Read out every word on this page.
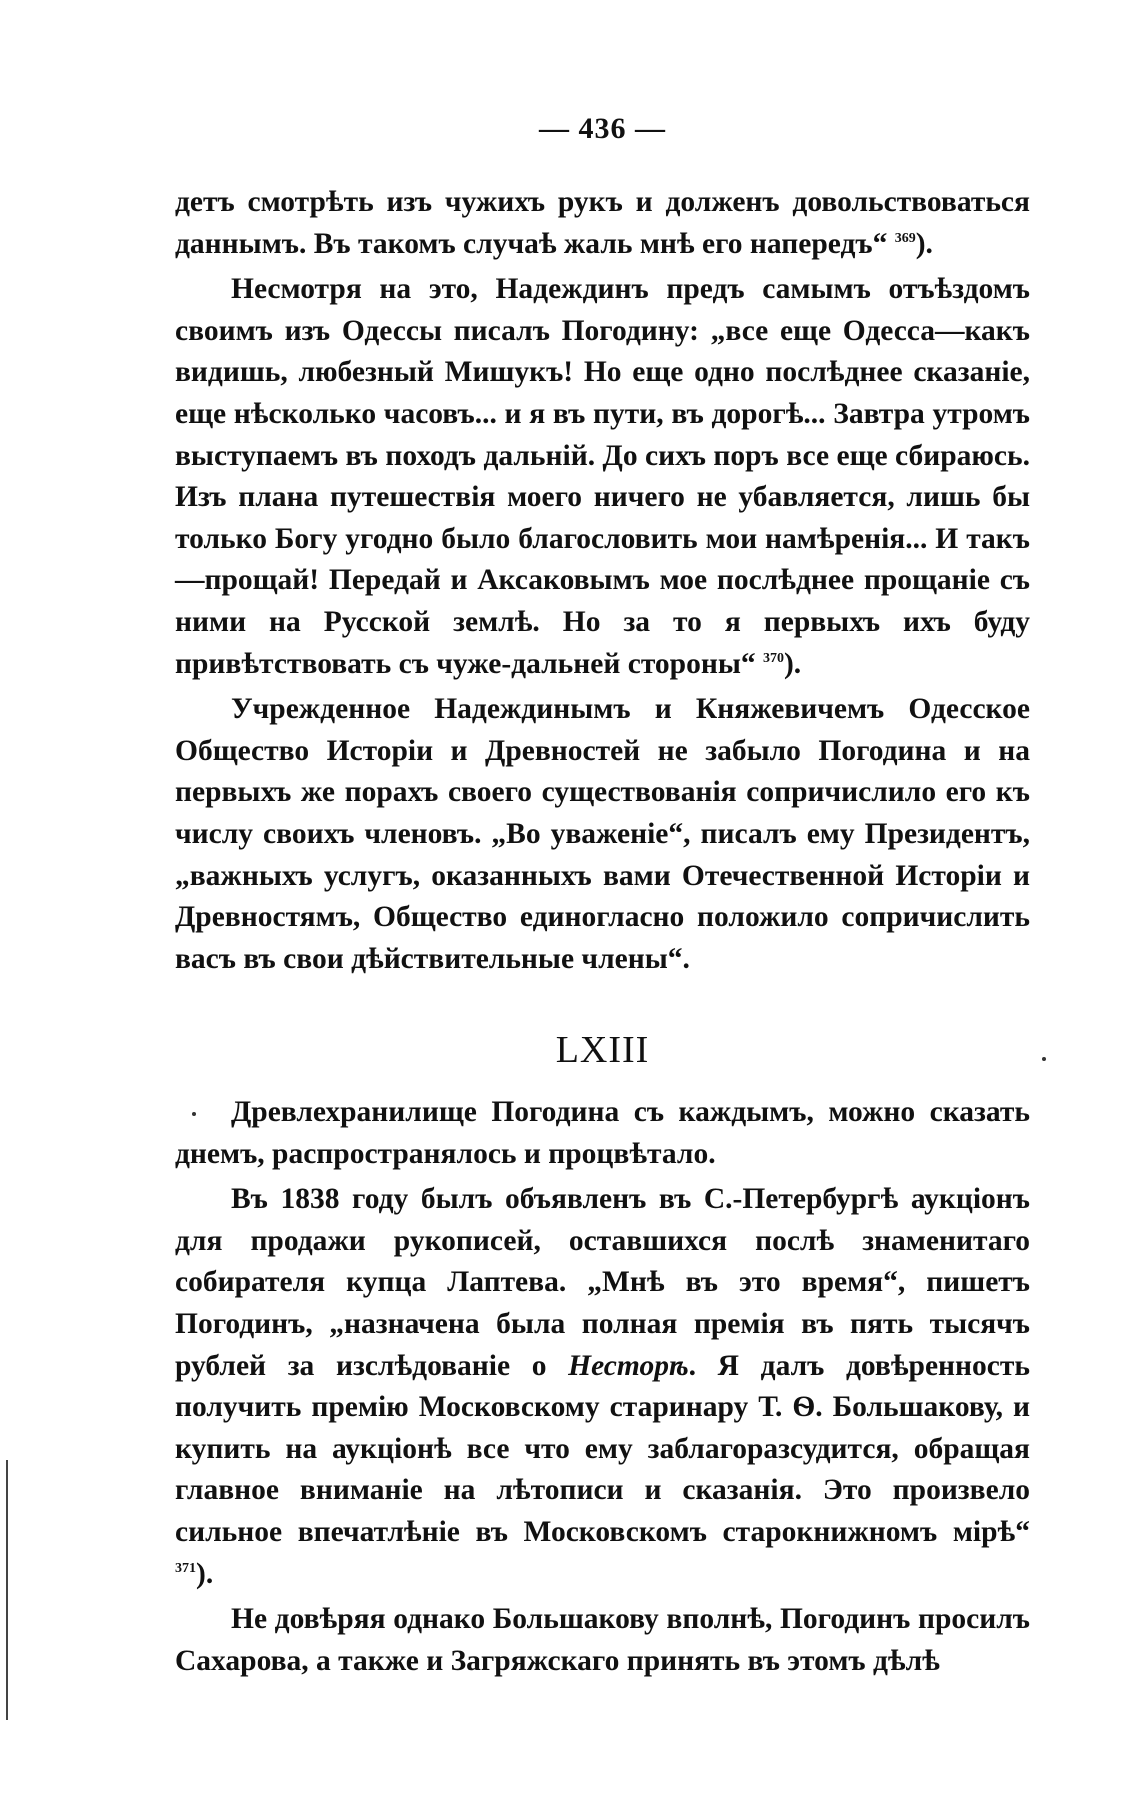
— 436 —

детъ смотрѣть изъ чужихъ рукъ и долженъ довольствоваться даннымъ. Въ такомъ случаѣ жаль мнѣ его напередъ“ $^{369}$).

Несмотря на это, Надеждинъ предъ самымъ отъѣздомъ своимъ изъ Одессы писалъ Погодину: „все еще Одесса—какъ видишь, любезный Мишукъ! Но еще одно послѣднее сказаніе, еще нѣсколько часовъ... и я въ пути, въ дорогѣ... Завтра утромъ выступаемъ въ походъ дальній. До сихъ поръ все еще сбираюсь. Изъ плана путешествія моего ничего не убавляется, лишь бы только Богу угодно было благословить мои намѣренія... И такъ—прощай! Передай и Аксаковымъ мое послѣднее прощаніе съ ними на Русской землѣ. Но за то я первыхъ ихъ буду привѣтствовать съ чуже-дальней стороны“ $^{370}$).

Учрежденное Надеждинымъ и Княжевичемъ Одесское Общество Исторіи и Древностей не забыло Погодина и на первыхъ же порахъ своего существованія сопричислило его къ числу своихъ членовъ. „Во уваженіе“, писалъ ему Президентъ, „важныхъ услугъ, оказанныхъ вами Отечественной Исторіи и Древностямъ, Общество единогласно положило сопричислить васъ въ свои дѣйствительные члены“.

LXIII

Древлехранилище Погодина съ каждымъ, можно сказать днемъ, распространялось и процвѣтало.

Въ 1838 году былъ объявленъ въ С.-Петербургѣ аукціонъ для продажи рукописей, оставшихся послѣ знаменитаго собирателя купца Лаптева. „Мнѣ въ это время“, пишетъ Погодинъ, „назначена была полная премія въ пять тысячъ рублей за изслѣдованіе о Несторѣ. Я далъ довѣренность получить премію Московскому старинару Т. Ѳ. Большакову, и купить на аукціонѣ все что ему заблагоразсудится, обращая главное вниманіе на лѣтописи и сказанія. Это произвело сильное впечатлѣніе въ Московскомъ старокнижномъ мірѣ“ $^{371}$).

Не довѣряя однако Большакову вполнѣ, Погодинъ просилъ Сахарова, а также и Загряжскаго принять въ этомъ дѣлѣ
